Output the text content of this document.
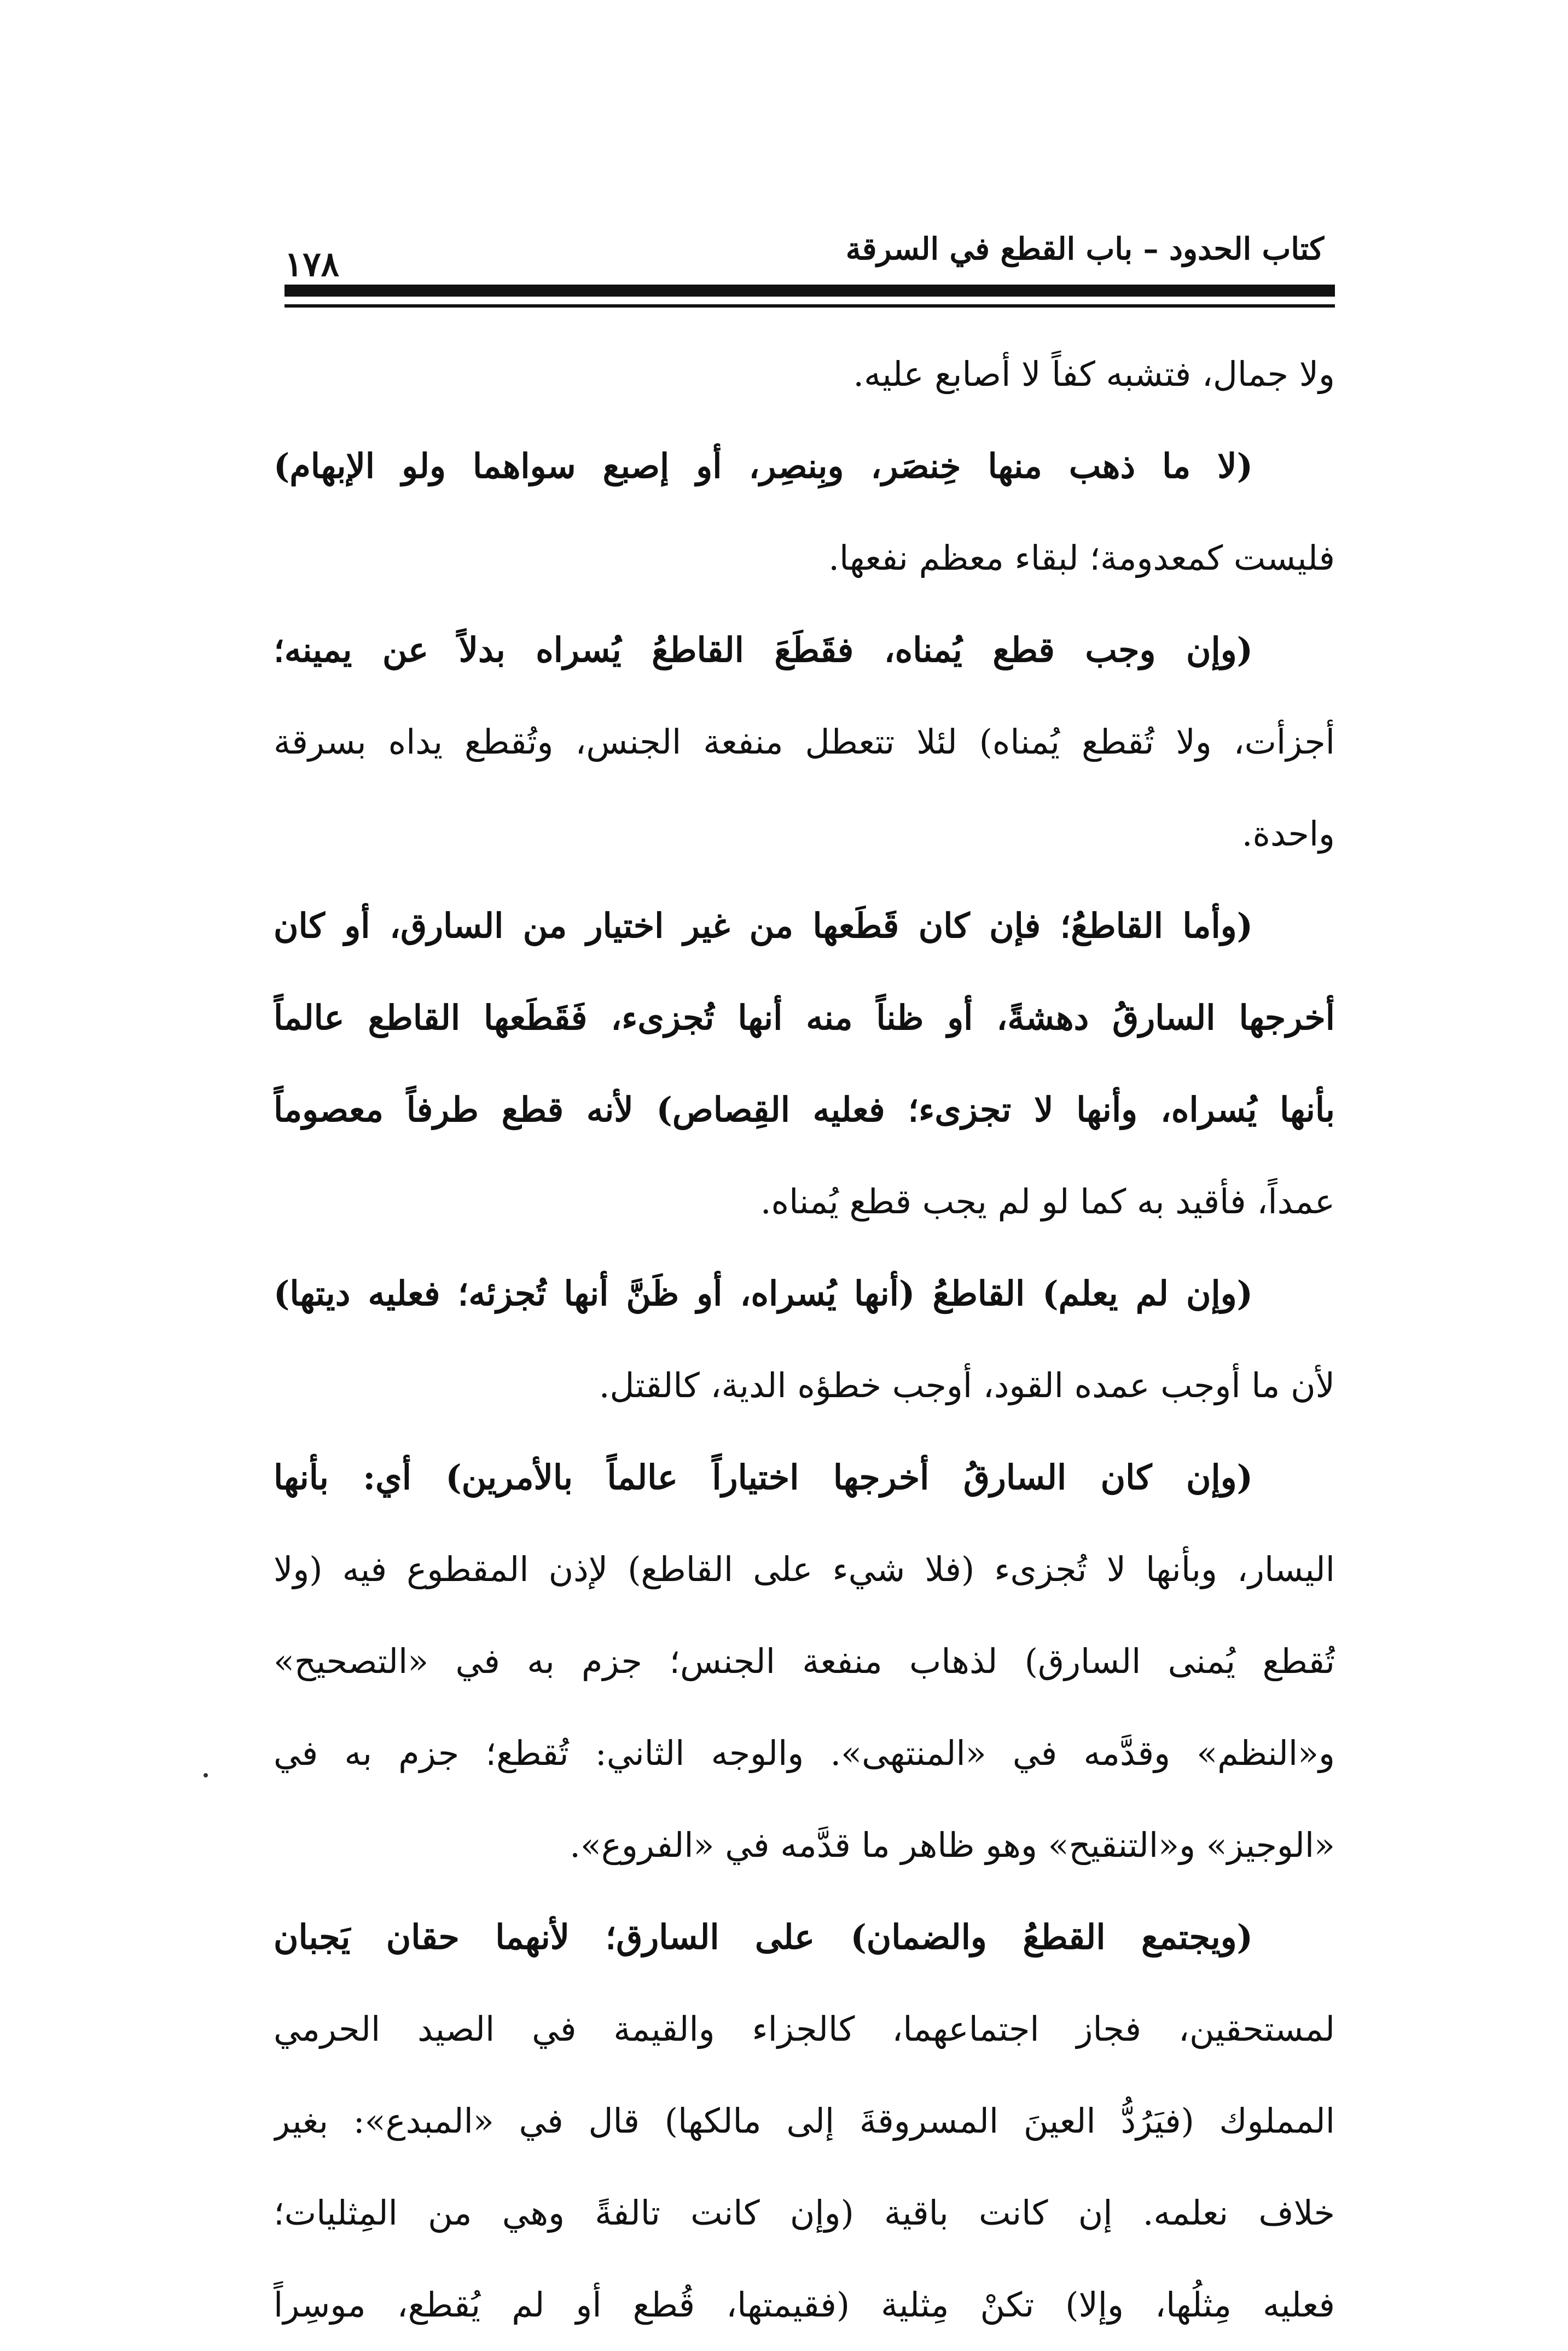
كتاب الحدود – باب القطع في السرقة
١٧٨
ولا جمال، فتشبه كفاً لا أصابع عليه.
(لا ما ذهب منها خِنصَر، وبِنصِر، أو إصبع سواهما ولو الإبهام)
فليست كمعدومة؛ لبقاء معظم نفعها.
(وإن وجب قطع يُمناه، فقَطَعَ القاطعُ يُسراه بدلاً عن يمينه؛
أجزأت، ولا تُقطع يُمناه) لئلا تتعطل منفعة الجنس، وتُقطع يداه بسرقة
واحدة.
(وأما القاطعُ؛ فإن كان قَطَعها من غير اختيار من السارق، أو كان
أخرجها السارقُ دهشةً، أو ظناً منه أنها تُجزىء، فَقَطَعها القاطع عالماً
بأنها يُسراه، وأنها لا تجزىء؛ فعليه القِصاص) لأنه قطع طرفاً معصوماً
عمداً، فأقيد به كما لو لم يجب قطع يُمناه.
(وإن لم يعلم) القاطعُ (أنها يُسراه، أو ظَنَّ أنها تُجزئه؛ فعليه ديتها)
لأن ما أوجب عمده القود، أوجب خطؤه الدية، كالقتل.
(وإن كان السارقُ أخرجها اختياراً عالماً بالأمرين) أي: بأنها
اليسار، وبأنها لا تُجزىء (فلا شيء على القاطع) لإذن المقطوع فيه (ولا
تُقطع يُمنى السارق) لذهاب منفعة الجنس؛ جزم به في «التصحيح»
و«النظم» وقدَّمه في «المنتهى». والوجه الثاني: تُقطع؛ جزم به في
«الوجيز» و«التنقيح» وهو ظاهر ما قدَّمه في «الفروع».
(ويجتمع القطعُ والضمان) على السارق؛ لأنهما حقان يَجبان
لمستحقين، فجاز اجتماعهما، كالجزاء والقيمة في الصيد الحرمي
المملوك (فيَرُدُّ العينَ المسروقةَ إلى مالكها) قال في «المبدع»: بغير
خلاف نعلمه. إن كانت باقية (وإن كانت تالفةً وهي من المِثليات؛
فعليه مِثلُها، وإلا) تكنْ مِثلية (فقيمتها، قُطع أو لم يُقطع، موسِراً
